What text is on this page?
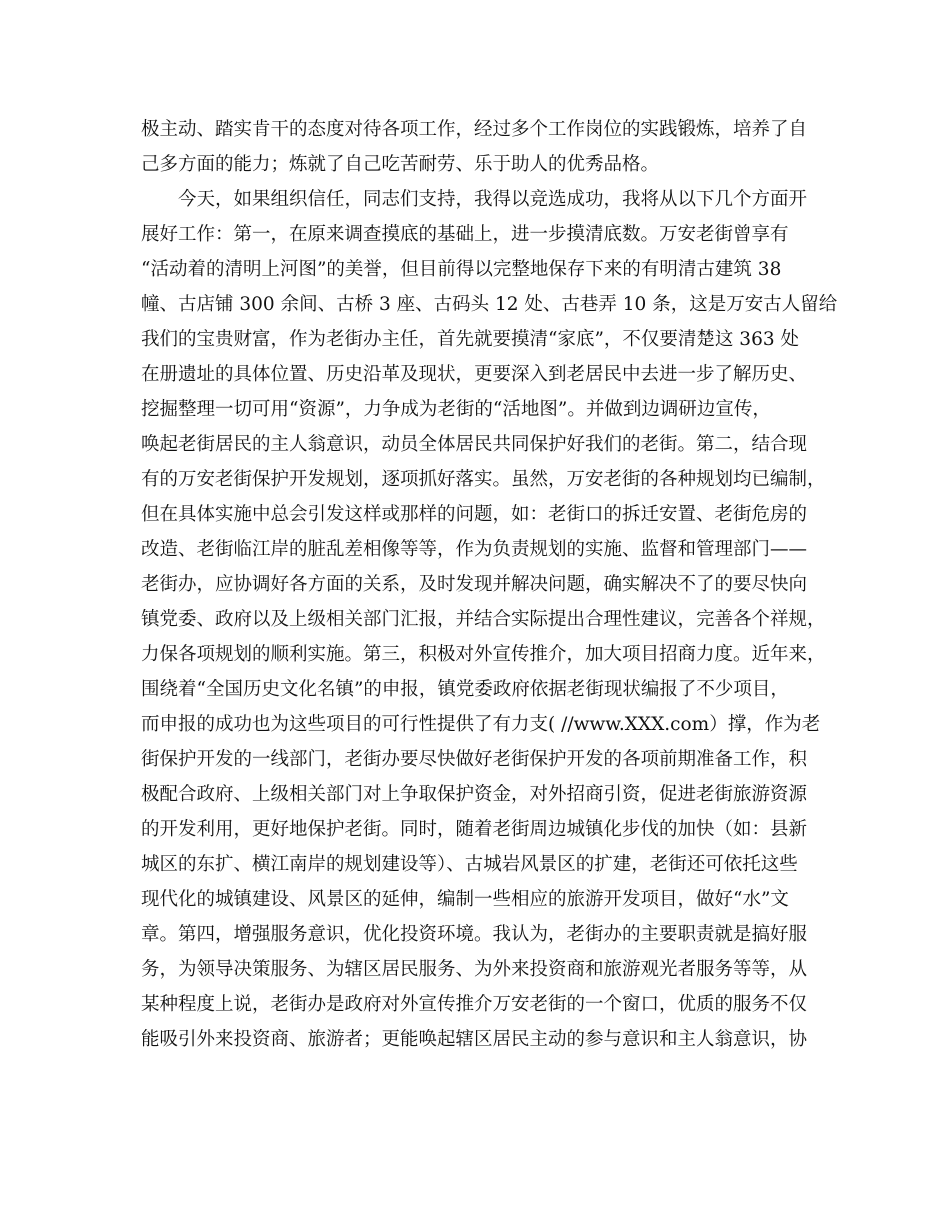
极主动、踏实肯干的态度对待各项工作，经过多个工作岗位的实践锻炼，培养了自
己多方面的能力；炼就了自己吃苦耐劳、乐于助人的优秀品格。
今天，如果组织信任，同志们支持，我得以竞选成功，我将从以下几个方面开
展好工作：第一，在原来调查摸底的基础上，进一步摸清底数。万安老街曾享有
“活动着的清明上河图”的美誉，但目前得以完整地保存下来的有明清古建筑 38
幢、古店铺 300 余间、古桥 3 座、古码头 12 处、古巷弄 10 条，这是万安古人留给
我们的宝贵财富，作为老街办主任，首先就要摸清“家底”，不仅要清楚这 363 处
在册遗址的具体位置、历史沿革及现状，更要深入到老居民中去进一步了解历史、
挖掘整理一切可用“资源”，力争成为老街的“活地图”。并做到边调研边宣传，
唤起老街居民的主人翁意识，动员全体居民共同保护好我们的老街。第二，结合现
有的万安老街保护开发规划，逐项抓好落实。虽然，万安老街的各种规划均已编制，
但在具体实施中总会引发这样或那样的问题，如：老街口的拆迁安置、老街危房的
改造、老街临江岸的脏乱差相像等等，作为负责规划的实施、监督和管理部门——
老街办，应协调好各方面的关系，及时发现并解决问题，确实解决不了的要尽快向
镇党委、政府以及上级相关部门汇报，并结合实际提出合理性建议，完善各个祥规，
力保各项规划的顺利实施。第三，积极对外宣传推介，加大项目招商力度。近年来，
围绕着“全国历史文化名镇”的申报，镇党委政府依据老街现状编报了不少项目，
而申报的成功也为这些项目的可行性提供了有力支( //www.XXX.com）撑，作为老
街保护开发的一线部门，老街办要尽快做好老街保护开发的各项前期准备工作，积
极配合政府、上级相关部门对上争取保护资金，对外招商引资，促进老街旅游资源
的开发利用，更好地保护老街。同时，随着老街周边城镇化步伐的加快（如：县新
城区的东扩、横江南岸的规划建设等）、古城岩风景区的扩建，老街还可依托这些
现代化的城镇建设、风景区的延伸，编制一些相应的旅游开发项目，做好“水”文
章。第四，增强服务意识，优化投资环境。我认为，老街办的主要职责就是搞好服
务，为领导决策服务、为辖区居民服务、为外来投资商和旅游观光者服务等等，从
某种程度上说，老街办是政府对外宣传推介万安老街的一个窗口，优质的服务不仅
能吸引外来投资商、旅游者；更能唤起辖区居民主动的参与意识和主人翁意识，协
